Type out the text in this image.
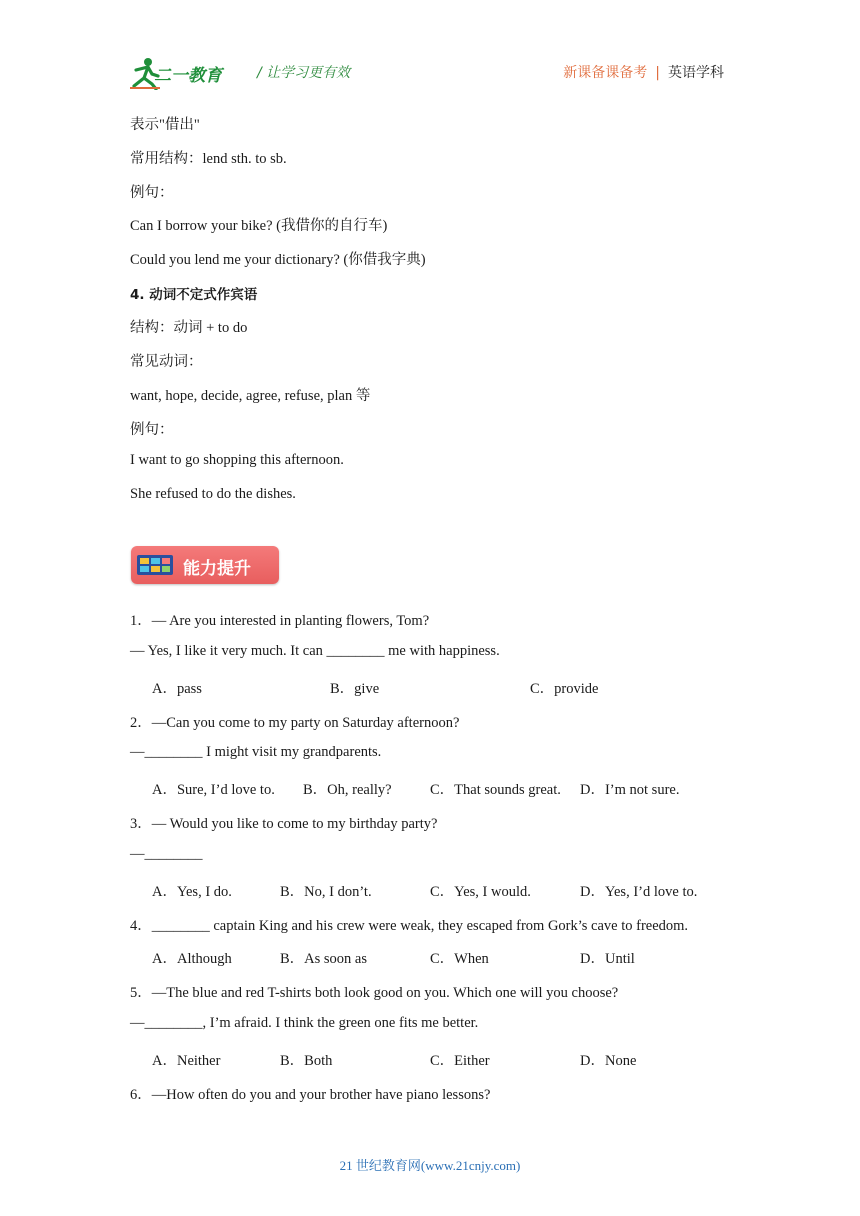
二一教育	/ 让学习更有效	新课备课备考 | 英语学科
表示"借出"
常用结构：lend sth. to sb.
例句：
Can I borrow your bike? (我借你的自行车)
Could you lend me your dictionary? (你借我字典)
4. 动词不定式作宾语
结构：动词 + to do
常见动词：
want, hope, decide, agree, refuse, plan 等
例句：
I want to go shopping this afternoon.
She refused to do the dishes.
能力提升
1．— Are you interested in planting flowers, Tom?
— Yes, I like it very much. It can ________ me with happiness.
A．pass	B．give	C．provide
2．—Can you come to my party on Saturday afternoon?
—________ I might visit my grandparents.
A．Sure, I’d love to. B．Oh, really?	C．That sounds great. D．I’m not sure.
3．— Would you like to come to my birthday party?
—________
A．Yes, I do.	B．No, I don’t.	C．Yes, I would.	D．Yes, I’d love to.
4．________ captain King and his crew were weak, they escaped from Gork’s cave to freedom.
A．Although	B．As soon as	C．When	D．Until
5．—The blue and red T-shirts both look good on you. Which one will you choose?
—________, I’m afraid. I think the green one fits me better.
A．Neither	B．Both	C．Either	D．None
6．—How often do you and your brother have piano lessons?
21 世纪教育网(www.21cnjy.com)
